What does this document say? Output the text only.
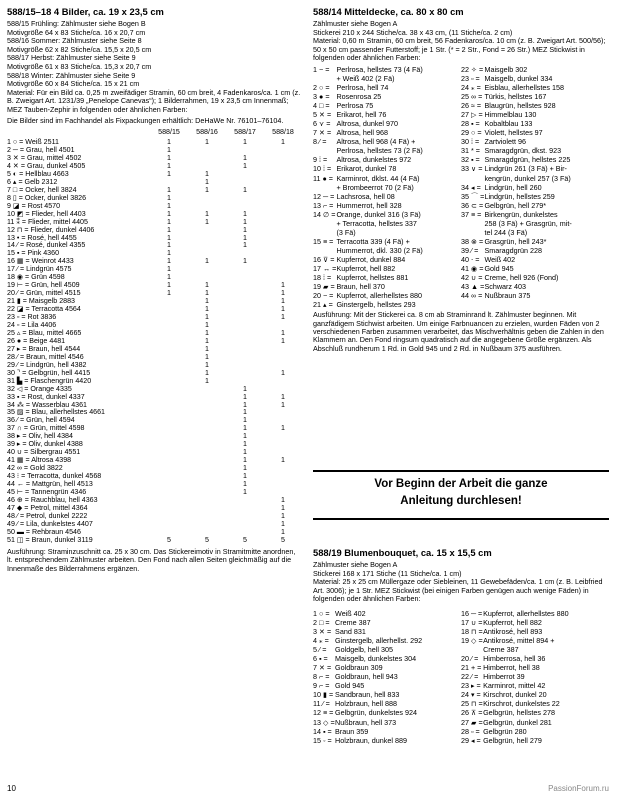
588/15–18 4 Bilder, ca. 19 x 23,5 cm

588/15 Frühling: Zählmuster siehe Bogen B

Motivgröße 64 x 83 Stiche/ca. 16 x 20,7 cm

588/16 Sommer: Zählmuster siehe Seite 8

Motivgröße 62 x 82 Stiche/ca. 15,5 x 20,5 cm

588/17 Herbst: Zählmuster siehe Seite 9

Motivgröße 61 x 83 Stiche/ca. 15,3 x 20,7 cm

588/18 Winter: Zählmuster siehe Seite 9

Motivgröße 60 x 84 Stiche/ca. 15 x 21 cm

Material: Für ein Bild ca. 0,25 m zweifädiger Stramin, 60 cm breit, 4 Fadenkaros/ca. 1 cm (z. B. Zweigart Art. 1231/39 „Penelope Canevas“); 1 Bilderrahmen, 19 x 23,5 cm Innenmaß; MEZ Tauben-Zephir in folgenden oder ähnlichen Farben:

Die Bilder sind im Fachhandel als Fixpackungen erhältlich: DeHaWe Nr. 76101–76104.

	588/15	588/16	588/17	588/18
1 ○ = Weiß 2511	1	1	1	1
2 ─ = Grau, hell 4501	1			
3 ✕ = Grau, mittel 4502	1		1	
4 ✕ = Grau, dunkel 4505	1		1	
5 ◐ = Hellblau 4663	1	1		
6 ▴ = Gelb 2312		1		
7 □ = Ocker, hell 3824	1	1	1	
8 ▯ = Ocker, dunkel 3826	1			
9 ◪ = Rost 4570	1			
10 ◩ = Flieder, hell 4403	1	1	1	
11 ⁑ = Flieder, mittel 4405	1	1	1	
12 ⊓ = Flieder, dunkel 4406	1		1	
13 • = Rosé, hell 4455	1		1	
14 ⁄ = Rosé, dunkel 4355	1		1	
15 ▪ = Pink 4360	1			
16 ▦ = Weinrot 4433	1	1	1	
17 ⁄ = Lindgrün 4575	1			
18 ◉ = Grün 4598	1			
19 ⊢ = Grün, hell 4509	1	1		1
20 ⁄ = Grün, mittel 4515	1	1		1
21 ▮ = Maisgelb 2883		1		1
22 ◪ = Terracotta 4564		1		1
23 ▫ = Rot 3836		1		1
24 ▫ = Lila 4406		1		
25 ▵ = Blau, mittel 4665		1		1
26 ● = Beige 4481		1		1
27 ▸ = Braun, hell 4544		1		
28 ⁄ = Braun, mittel 4546		1		
29 ⁄ = Lindgrün, hell 4382		1		
30 ⌝ = Gelbgrün, hell 4415		1		1
31 ▙ = Flaschengrün 4420		1		
32 ◁ = Orange 4335			1	
33 ▪ = Rost, dunkel 4337			1	1
34 ⁂ = Wasserblau 4361			1	1
35 ▨ = Blau, allerhellstes 4661			1	
36 ⁄ = Grün, hell 4594			1	
37 ∩ = Grün, mittel 4598			1	1
38 ▸ = Oliv, hell 4384			1	
39 ▸ = Oliv, dunkel 4388			1	
40 ∪ = Silbergrau 4551			1	
41 ▦ = Altrosa 4398			1	1
42 ∞ = Gold 3822			1	
43 ⁝ = Terracotta, dunkel 4568			1	
44 ← = Mattgrün, hell 4513			1	
45 ⊢ = Tannengrün 4346			1	
46 ⊕ = Rauchblau, hell 4363				1
47 ◆ = Petrol, mittel 4364				1
48 ⁄ = Petrol, dunkel 2222				1
49 ⁄ = Lila, dunkelstes 4407				1
50 ▬ = Rehbraun 4546				1
51 ◫ = Braun, dunkel 3119	5	5	5	5

Ausführung: Straminzuschnitt ca. 25 x 30 cm. Das Stickereimotiv in Stramitmitte anordnen, lt. entsprechendem Zählmuster arbeiten. Den Fond nach allen Seiten gleichmäßig auf die Innenmaße des Bilderrahmens ergänzen.

588/14 Mitteldecke, ca. 80 x 80 cm

Zählmuster siehe Bogen A

Stickerei 210 x 244 Stiche/ca. 38 x 43 cm, (11 Stiche/ca. 2 cm)

Material: 0,60 m Stramin, 60 cm breit, 56 Fadenkaros/ca. 10 cm (z. B. Zweigart Art. 500/56); 50 x 50 cm passender Futterstoff; je 1 Str. (* = 2 Str., Fond = 26 Str.) MEZ Stickwist in folgenden oder ähnlichen Farben:

1 − =	Perlrosa, hellstes 73 (4 Fä)	22 ✧ =	Maisgelb 302
	+ Weiß 402 (2 Fä)	23 ▫ =	Maisgelb, dunkel 334
2 ○ =	Perlrosa, hell 74	24 ⁎ =	Eisblau, allerhellstes 158
3 ● =	Rosenrosa 25	25 ∞ =	Türkis, hellstes 167
4 □ =	Perlrosa 75	26 ≈ =	Blaugrün, hellstes 928
5 ✕ =	Erikarot, hell 76	27 ▷ =	Himmelblau 130
6 ⋎ =	Altrosa, dunkel 970	28 ▪ =	Kobaltblau 133
7 ✕ =	Altrosa, hell 968	29 ○ =	Violett, hellstes 97
8 ⁄ =	Altrosa, hell 968 (4 Fä) +	30 ⁞ =	Zartviolett 96
	Perlrosa, hellstes 73 (2 Fä)	31 * =	Smaragdgrün, dkst. 923
9 ⁞ =	Altrosa, dunkelstes 972	32 ▪ =	Smaragdgrün, hellstes 225
10 ⁞ =	Erikarot, dunkel 78	33 ∨ =	Lindgrün 261 (3 Fä) + Bir-
11 ● =	Karminrot, dklst. 44 (4 Fä)		kengrün, dunkel 257 (3 Fä)
	+ Brombeerrot 70 (2 Fä)	34 ◂ =	Lindgrün, hell 260
12 ─ =	Lachsrosa, hell 08	35 ⌒ =	Lindgrün, hellstes 259
13 ⌐ =	Hummerrot, hell 328	36 ⊂ =	Gelbgrün, hell 279*
14 ∅ =	Orange, dunkel 316 (3 Fä)	37 ≡ =	Birkengrün, dunkelstes
	+ Terracotta, hellstes 337		258 (3 Fä) + Grasgrün, mit-
	(3 Fä)		tel 244 (3 Fä)
15 ≡ =	Terracotta 339 (4 Fä) +	38 ⊗ =	Grasgrün, hell 243*
	Hummerrot, dkl. 330 (2 Fä)	39 ⁄ =	Smaragdgrün 228
16 ⊽ =	Kupferrot, dunkel 884	40 ⋅ =	Weiß 402
17 ↔ =	Kupferrot, hell 882	41 ◉ =	Gold 945
18 ⁞ =	Kupferrot, hellstes 881	42 ∪ =	Creme, hell 926 (Fond)
19 ▰ =	Braun, hell 370	43 ▲ =	Schwarz 403
20 − =	Kupferrot, allerhellstes 880	44 ∞ =	Nußbraun 375
21 ▴ =	Ginstergelb, hellstes 293		

Ausführung: Mit der Stickerei ca. 8 cm ab Straminrand lt. Zählmuster beginnen. Mit ganzfädigem Stichwist arbeiten. Um einige Farbnuancen zu erzielen, wurden Fäden von 2 verschiedenen Farben zusammen verarbeitet, das Mischverhältnis geben die Zahlen in den Klammern an. Den Fond ringsum quadratisch auf die angegebene Größe ergänzen. Als Abschluß rundherum 1 Rd. in Gold 945 und 2 Rd. in Nußbaum 375 ausführen.

Vor Beginn der Arbeit die ganze
Anleitung durchlesen!
588/19 Blumenbouquet, ca. 15 x 15,5 cm

Zählmuster siehe Bogen A

Stickerei 168 x 171 Stiche (11 Stiche/ca. 1 cm)

Material: 25 x 25 cm Müllergaze oder Siebleinen, 11 Gewebefäden/ca. 1 cm (z. B. Leibfried Art. 3006); je 1 Str. MEZ Stickwist (bei einigen Farben genügen auch wenige Fäden) in folgenden oder ähnlichen Farben:

1 ○ =	Weiß 402	16 ─ =	Kupferrot, allerhellstes 880
2 □ =	Creme 387	17 ∪ =	Kupferrot, hell 882
3 ✕ =	Sand 831	18 ⊓ =	Antikrosé, hell 893
4 ⁎ =	Ginstergelb, allerhellst. 292	19 ◇ =	Antikrosé, mittel 894 +
5 ⁄ =	Goldgelb, hell 305		Creme 387
6 ▪ =	Maisgelb, dunkelstes 304	20 ⁄ =	Himberrosa, hell 36
7 ✕ =	Goldbraun 309	21 + =	Himberrot, hell 38
8 ⌐ =	Goldbraun, hell 943	22 ⁄ =	Himberrot 39
9 ⌐ =	Gold 945	23 ▸ =	Karminrot, mittel 42
10 ▮ =	Sandbraun, hell 833	24 ▾ =	Kirschrot, dunkel 20
11 ⁄ =	Holzbraun, hell 888	25 ⊓ =	Kirschrot, dunkelstes 22
12 ≡ =	Gelbgrün, dunkelstes 924	26 ⊼ =	Gelbgrün, hellstes 278
13 ◇ =	Nußbraun, hell 373	27 ▰ =	Gelbgrün, dunkel 281
14 ▪ =	Braun 359	28 ▫ =	Gelbgrün 280
15 ◦ =	Holzbraun, dunkel 889	29 ◂ =	Gelbgrün, hell 279
10	PassionForum.ru
